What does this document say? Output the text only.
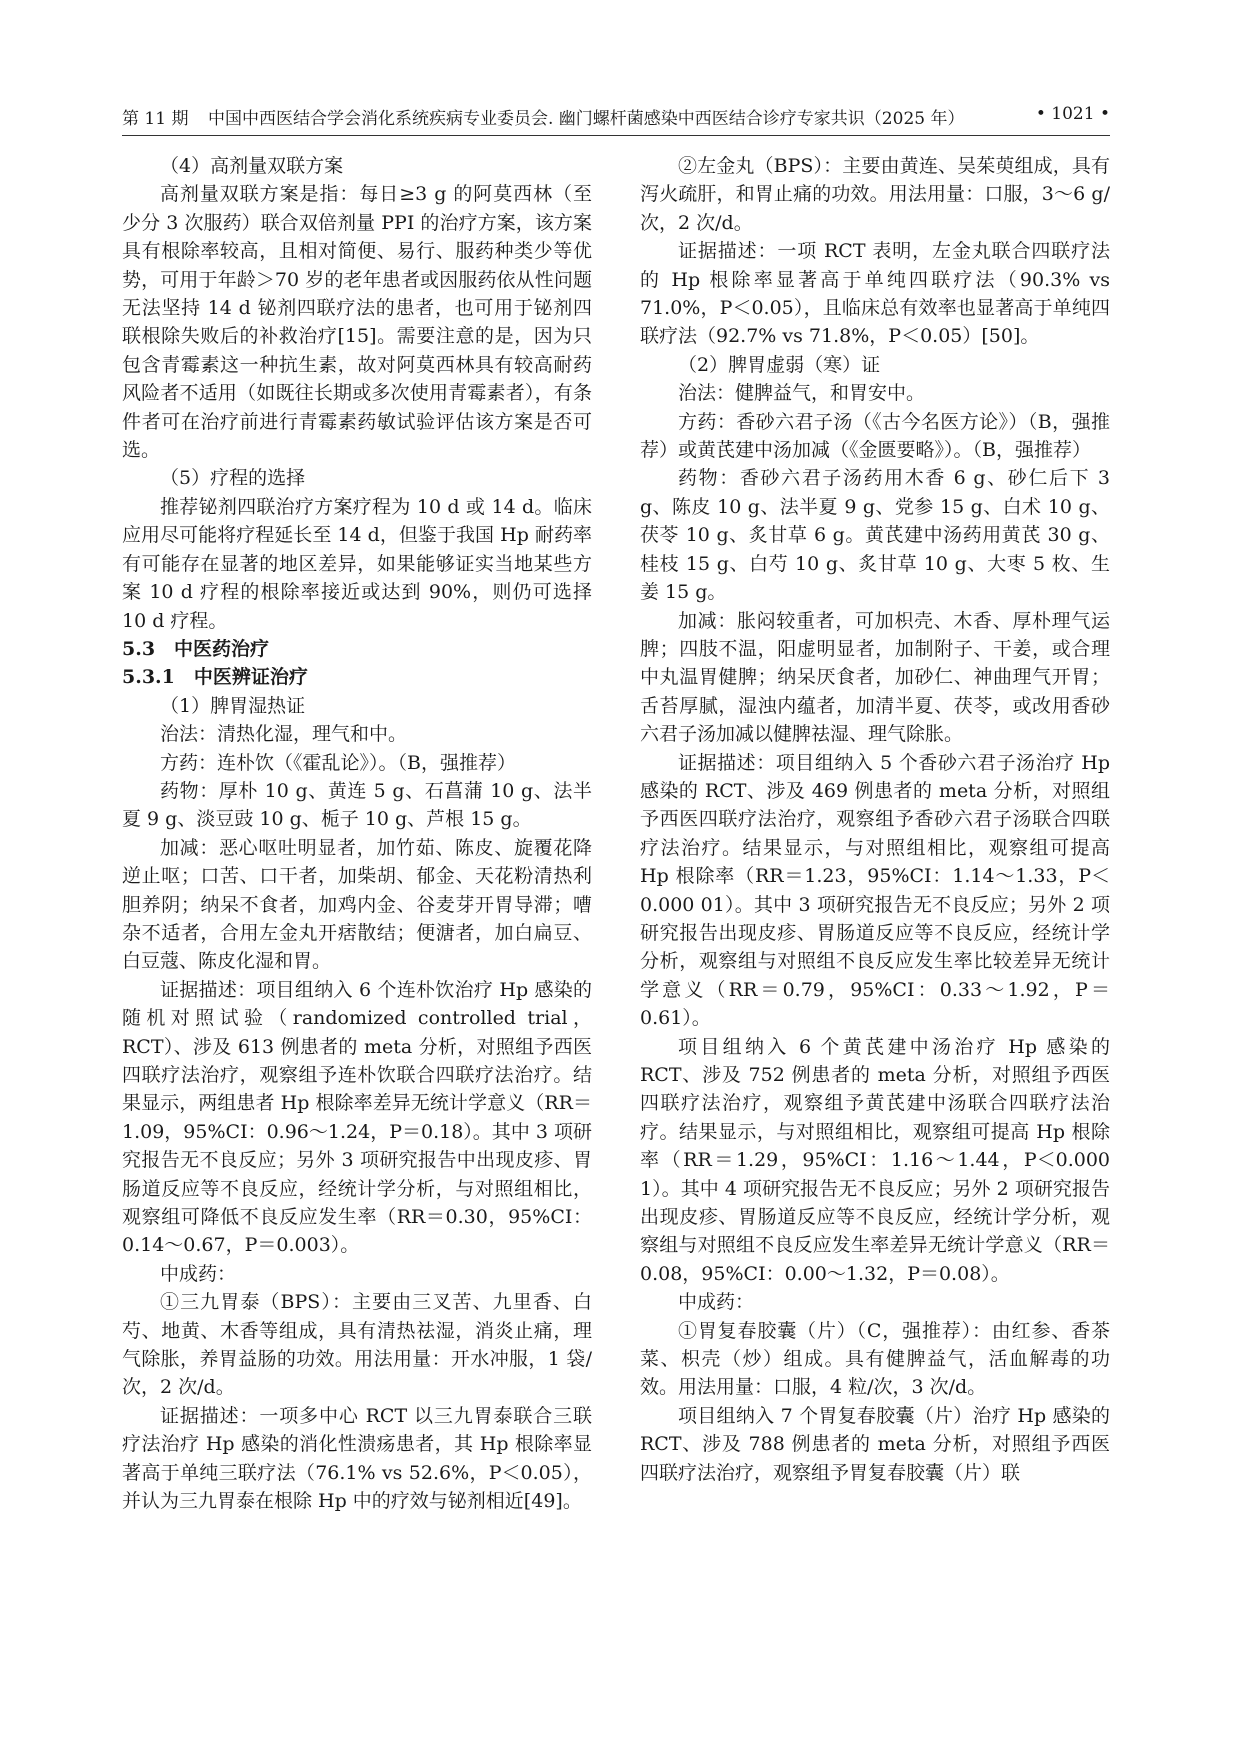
第 11 期 中国中西医结合学会消化系统疾病专业委员会. 幽门螺杆菌感染中西医结合诊疗专家共识（2025 年）	• 1021 •

（4）高剂量双联方案

高剂量双联方案是指：每日≥3 g 的阿莫西林（至少分 3 次服药）联合双倍剂量 PPI 的治疗方案，该方案具有根除率较高，且相对简便、易行、服药种类少等优势，可用于年龄＞70 岁的老年患者或因服药依从性问题无法坚持 14 d 铋剂四联疗法的患者，也可用于铋剂四联根除失败后的补救治疗[15]。需要注意的是，因为只包含青霉素这一种抗生素，故对阿莫西林具有较高耐药风险者不适用（如既往长期或多次使用青霉素者），有条件者可在治疗前进行青霉素药敏试验评估该方案是否可选。

（5）疗程的选择

推荐铋剂四联治疗方案疗程为 10 d 或 14 d。临床应用尽可能将疗程延长至 14 d，但鉴于我国 Hp 耐药率有可能存在显著的地区差异，如果能够证实当地某些方案 10 d 疗程的根除率接近或达到 90%，则仍可选择 10 d 疗程。

5.3　中医药治疗

5.3.1　中医辨证治疗

（1）脾胃湿热证

治法：清热化湿，理气和中。

方药：连朴饮（《霍乱论》）。（B，强推荐）

药物：厚朴 10 g、黄连 5 g、石菖蒲 10 g、法半夏 9 g、淡豆豉 10 g、栀子 10 g、芦根 15 g。

加减：恶心呕吐明显者，加竹茹、陈皮、旋覆花降逆止呕；口苦、口干者，加柴胡、郁金、天花粉清热利胆养阴；纳呆不食者，加鸡内金、谷麦芽开胃导滞；嘈杂不适者，合用左金丸开痞散结；便溏者，加白扁豆、白豆蔻、陈皮化湿和胃。

证据描述：项目组纳入 6 个连朴饮治疗 Hp 感染的随机对照试验（randomized controlled trial，RCT）、涉及 613 例患者的 meta 分析，对照组予西医四联疗法治疗，观察组予连朴饮联合四联疗法治疗。结果显示，两组患者 Hp 根除率差异无统计学意义（RR＝1.09，95%CI：0.96～1.24，P＝0.18）。其中 3 项研究报告无不良反应；另外 3 项研究报告中出现皮疹、胃肠道反应等不良反应，经统计学分析，与对照组相比，观察组可降低不良反应发生率（RR＝0.30，95%CI：0.14～0.67，P＝0.003）。

中成药：

①三九胃泰（BPS）：主要由三叉苦、九里香、白芍、地黄、木香等组成，具有清热祛湿，消炎止痛，理气除胀，养胃益肠的功效。用法用量：开水冲服，1 袋/次，2 次/d。

证据描述：一项多中心 RCT 以三九胃泰联合三联疗法治疗 Hp 感染的消化性溃疡患者，其 Hp 根除率显著高于单纯三联疗法（76.1% vs 52.6%，P＜0.05），并认为三九胃泰在根除 Hp 中的疗效与铋剂相近[49]。

②左金丸（BPS）：主要由黄连、吴茱萸组成，具有泻火疏肝，和胃止痛的功效。用法用量：口服，3～6 g/次，2 次/d。

证据描述：一项 RCT 表明，左金丸联合四联疗法的 Hp 根除率显著高于单纯四联疗法（90.3% vs 71.0%，P＜0.05），且临床总有效率也显著高于单纯四联疗法（92.7% vs 71.8%，P＜0.05）[50]。

（2）脾胃虚弱（寒）证

治法：健脾益气，和胃安中。

方药：香砂六君子汤（《古今名医方论》）（B，强推荐）或黄芪建中汤加减（《金匮要略》）。（B，强推荐）

药物：香砂六君子汤药用木香 6 g、砂仁后下 3 g、陈皮 10 g、法半夏 9 g、党参 15 g、白术 10 g、茯苓 10 g、炙甘草 6 g。黄芪建中汤药用黄芪 30 g、桂枝 15 g、白芍 10 g、炙甘草 10 g、大枣 5 枚、生姜 15 g。

加减：胀闷较重者，可加枳壳、木香、厚朴理气运脾；四肢不温，阳虚明显者，加制附子、干姜，或合理中丸温胃健脾；纳呆厌食者，加砂仁、神曲理气开胃；舌苔厚腻，湿浊内蕴者，加清半夏、茯苓，或改用香砂六君子汤加减以健脾祛湿、理气除胀。

证据描述：项目组纳入 5 个香砂六君子汤治疗 Hp 感染的 RCT、涉及 469 例患者的 meta 分析，对照组予西医四联疗法治疗，观察组予香砂六君子汤联合四联疗法治疗。结果显示，与对照组相比，观察组可提高 Hp 根除率（RR＝1.23，95%CI：1.14～1.33，P＜0.000 01）。其中 3 项研究报告无不良反应；另外 2 项研究报告出现皮疹、胃肠道反应等不良反应，经统计学分析，观察组与对照组不良反应发生率比较差异无统计学意义（RR＝0.79，95%CI：0.33～1.92，P＝0.61）。

项目组纳入 6 个黄芪建中汤治疗 Hp 感染的 RCT、涉及 752 例患者的 meta 分析，对照组予西医四联疗法治疗，观察组予黄芪建中汤联合四联疗法治疗。结果显示，与对照组相比，观察组可提高 Hp 根除率（RR＝1.29，95%CI：1.16～1.44，P＜0.000 1）。其中 4 项研究报告无不良反应；另外 2 项研究报告出现皮疹、胃肠道反应等不良反应，经统计学分析，观察组与对照组不良反应发生率差异无统计学意义（RR＝0.08，95%CI：0.00～1.32，P＝0.08）。

中成药：

①胃复春胶囊（片）（C，强推荐）：由红参、香茶菜、枳壳（炒）组成。具有健脾益气，活血解毒的功效。用法用量：口服，4 粒/次，3 次/d。

项目组纳入 7 个胃复春胶囊（片）治疗 Hp 感染的 RCT、涉及 788 例患者的 meta 分析，对照组予西医四联疗法治疗，观察组予胃复春胶囊（片）联
